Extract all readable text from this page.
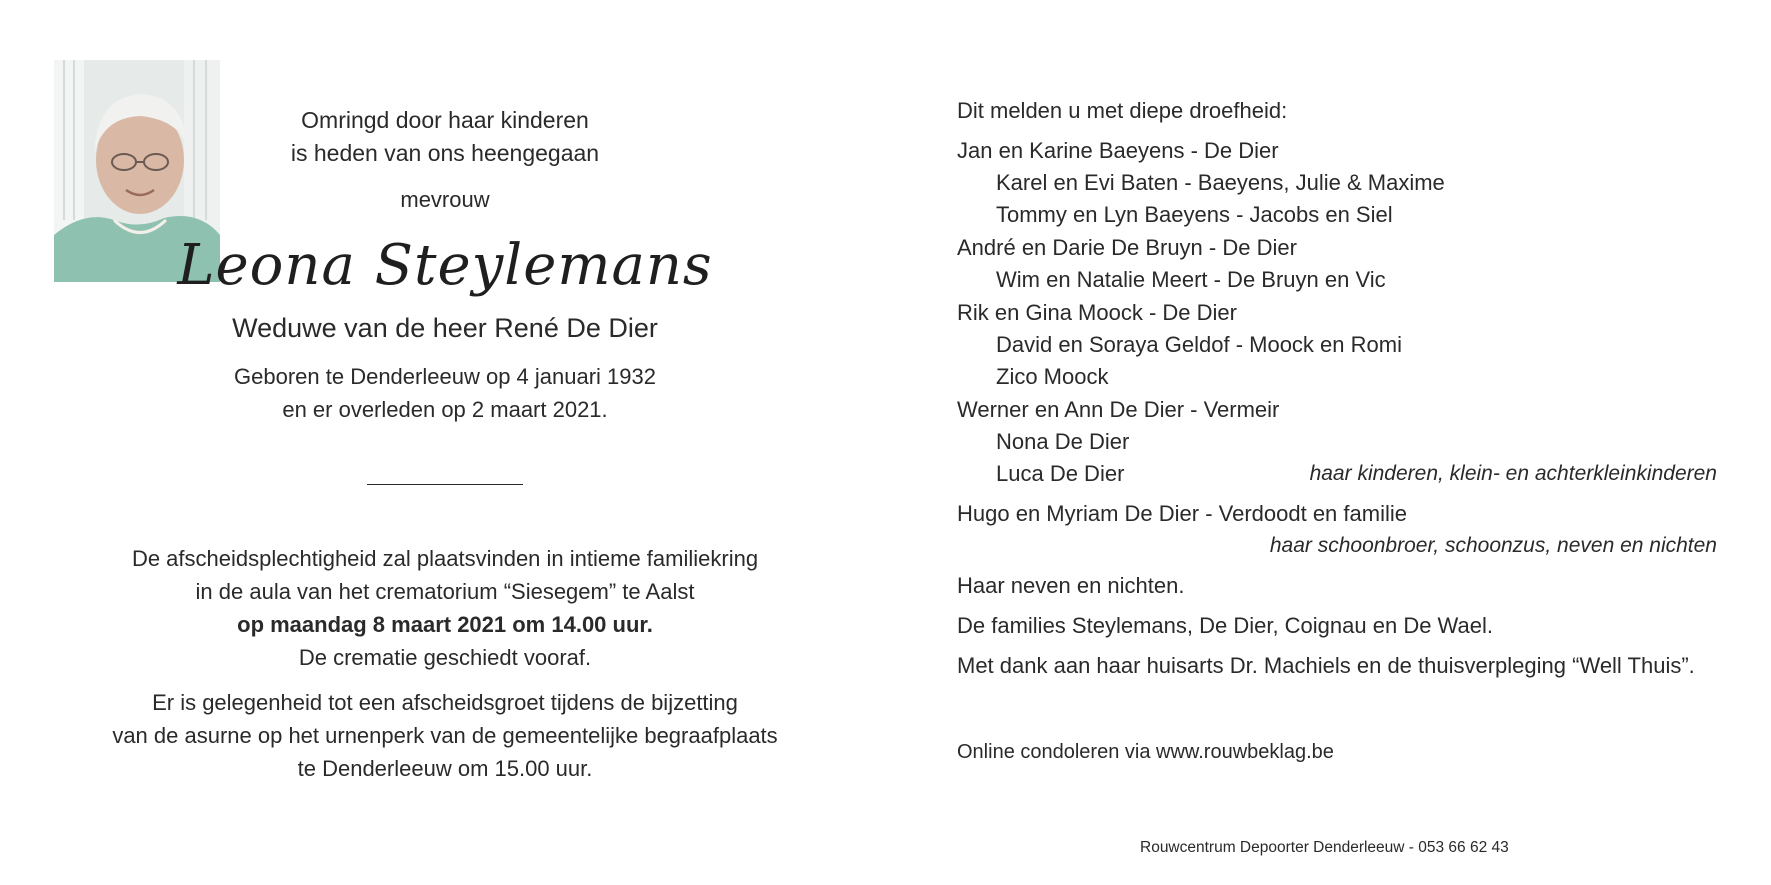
Omringd door haar kinderen
is heden van ons heengegaan
mevrouw
Leona Steylemans
Weduwe van de heer René De Dier
Geboren te Denderleeuw op 4 januari 1932
en er overleden op 2 maart 2021.
De afscheidsplechtigheid zal plaatsvinden in intieme familiekring
in de aula van het crematorium “Siesegem” te Aalst
op maandag 8 maart 2021 om 14.00 uur.
De crematie geschiedt vooraf.
Er is gelegenheid tot een afscheidsgroet tijdens de bijzetting
van de asurne op het urnenperk van de gemeentelijke begraafplaats
te Denderleeuw om 15.00 uur.
Dit melden u met diepe droefheid:
Jan en Karine Baeyens - De Dier
Karel en Evi Baten - Baeyens, Julie & Maxime
Tommy en Lyn Baeyens - Jacobs en Siel
André en Darie De Bruyn - De Dier
Wim en Natalie Meert - De Bruyn en Vic
Rik en Gina Moock - De Dier
David en Soraya Geldof - Moock en Romi
Zico Moock
Werner en Ann De Dier - Vermeir
Nona De Dier
Luca De Dier	haar kinderen, klein- en achterkleinkinderen
Hugo en Myriam De Dier - Verdoodt en familie
haar schoonbroer, schoonzus, neven en nichten
Haar neven en nichten.
De families Steylemans, De Dier, Coignau en De Wael.
Met dank aan haar huisarts Dr. Machiels en de thuisverpleging “Well Thuis”.
Online condoleren via www.rouwbeklag.be
Rouwcentrum Depoorter Denderleeuw - 053 66 62 43
